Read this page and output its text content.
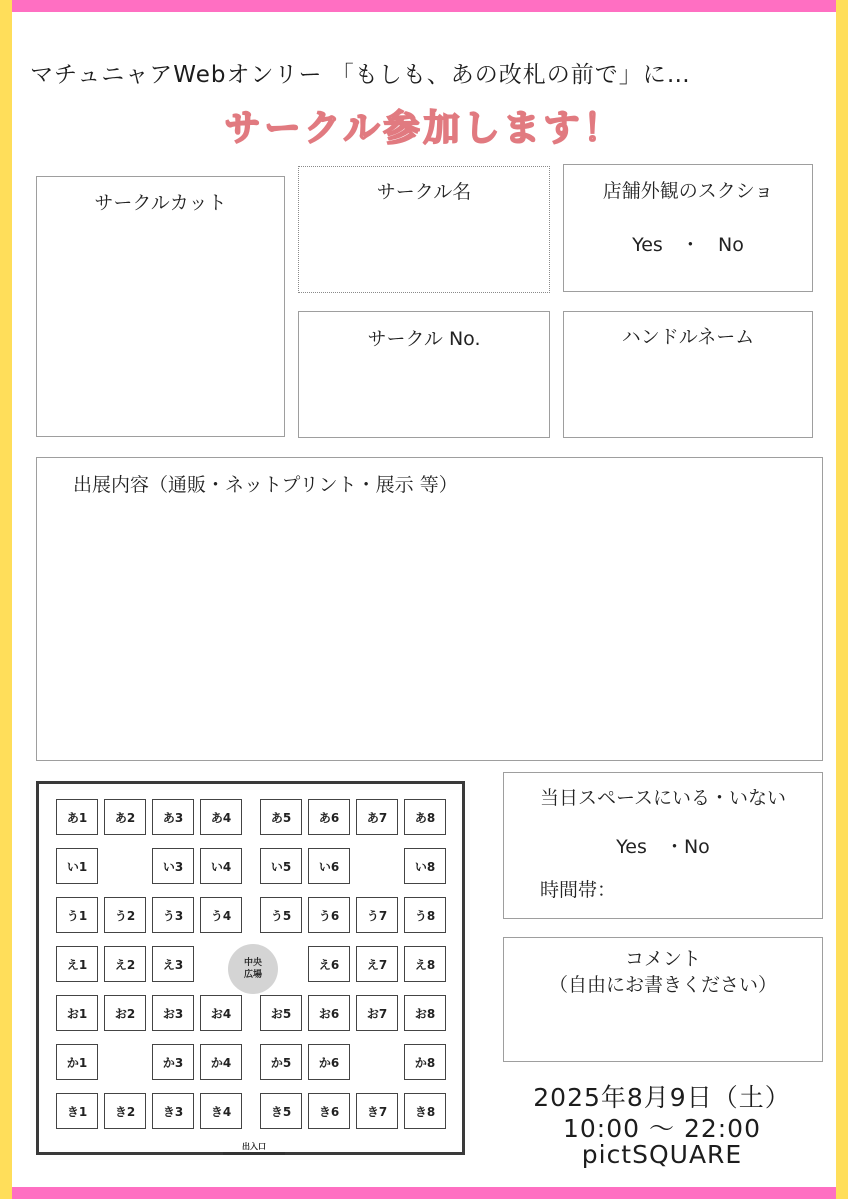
マチュニャアWebオンリー 「もしも、あの改札の前で」に…
サークル参加します！
サークルカット	サークル名	店舗外観のスクショ
Yes   ・   No
サークル No.	ハンドルネーム
出展内容（通販・ネットプリント・展示 等）
中央
広場
出入口
あ1	あ2	あ3	あ4	あ5	あ6	あ7	あ8
い1	い3	い4	い5	い6	い8
う1	う2	う3	う4	う5	う6	う7	う8
え1	え2	え3	え6	え7	え8
お1	お2	お3	お4	お5	お6	お7	お8
か1	か3	か4	か5	か6	か8
き1	き2	き3	き4	き5	き6	き7	き8
当日スペースにいる・いない
Yes   ・No
時間帯：
コメント
（自由にお書きください）
2025年8月9日（土）
10:00 〜 22:00
pictSQUARE
